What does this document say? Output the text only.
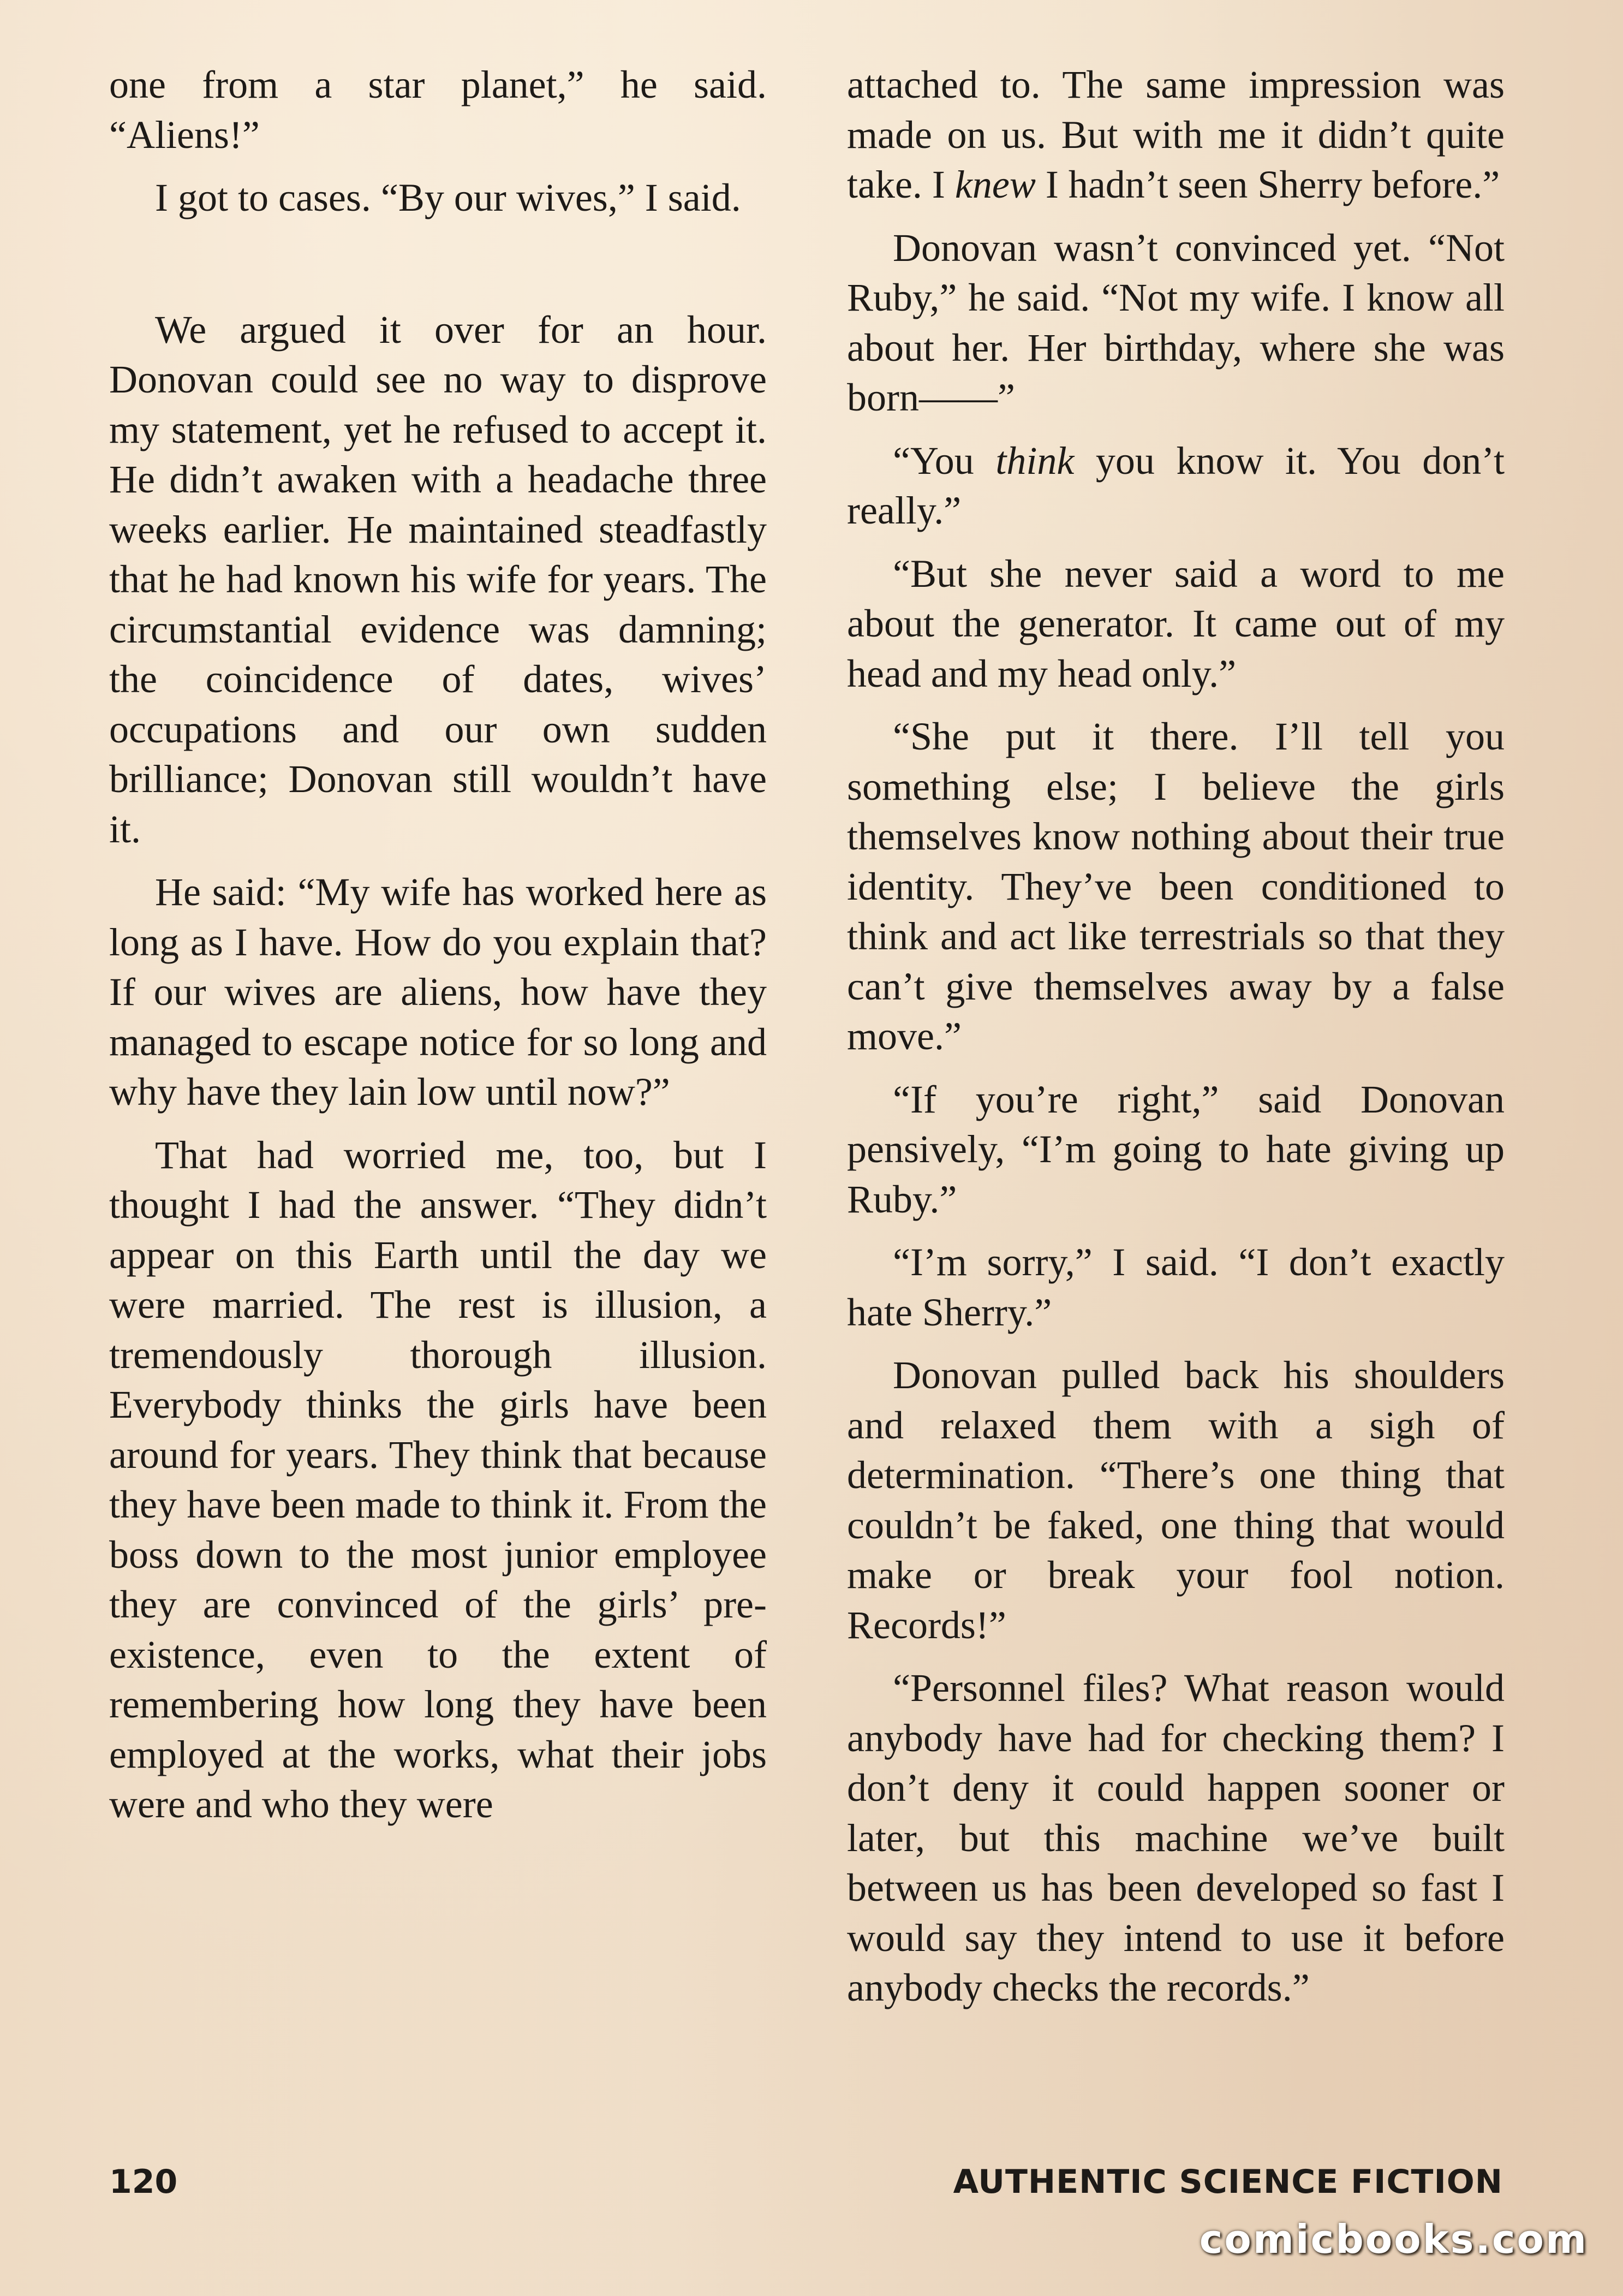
one from a star planet,” he said. “Aliens!”

I got to cases. “By our wives,” I said.

We argued it over for an hour. Donovan could see no way to disprove my statement, yet he refused to accept it. He didn’t awaken with a headache three weeks earlier. He maintained steadfastly that he had known his wife for years. The circumstantial evidence was damning; the coincidence of dates, wives’ occupations and our own sudden brilliance; Donovan still wouldn’t have it.

He said: “My wife has worked here as long as I have. How do you explain that? If our wives are aliens, how have they managed to escape notice for so long and why have they lain low until now?”

That had worried me, too, but I thought I had the answer. “They didn’t appear on this Earth until the day we were married. The rest is illusion, a tremendously thorough illusion. Everybody thinks the girls have been around for years. They think that because they have been made to think it. From the boss down to the most junior employee they are convinced of the girls’ pre-existence, even to the extent of remembering how long they have been employed at the works, what their jobs were and who they were

attached to. The same impression was made on us. But with me it didn’t quite take. I knew I hadn’t seen Sherry before.”

Donovan wasn’t convinced yet. “Not Ruby,” he said. “Not my wife. I know all about her. Her birthday, where she was born——”

“You think you know it. You don’t really.”

“But she never said a word to me about the generator. It came out of my head and my head only.”

“She put it there. I’ll tell you something else; I believe the girls themselves know nothing about their true identity. They’ve been conditioned to think and act like terrestrials so that they can’t give themselves away by a false move.”

“If you’re right,” said Donovan pensively, “I’m going to hate giving up Ruby.”

“I’m sorry,” I said. “I don’t exactly hate Sherry.”

Donovan pulled back his shoulders and relaxed them with a sigh of determination. “There’s one thing that couldn’t be faked, one thing that would make or break your fool notion. Records!”

“Personnel files? What reason would anybody have had for checking them? I don’t deny it could happen sooner or later, but this machine we’ve built between us has been developed so fast I would say they intend to use it before anybody checks the records.”

120	AUTHENTIC SCIENCE FICTION
comicbooks.com
